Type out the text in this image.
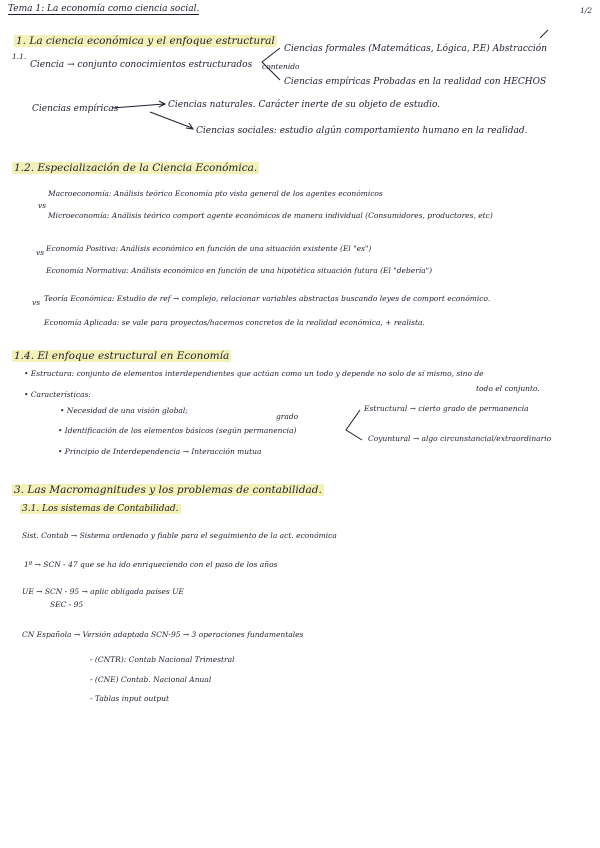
Tema 1: La economía como ciencia social.	1/2
1. La ciencia económica y el enfoque estructural
1.1.
Ciencia → conjunto conocimientos estructurados contenido
Ciencias formales (Matemáticas, Lógica, P.E) Abstracción
Ciencias empíricas Probadas en la realidad con HECHOS
Ciencias empíricas	Ciencias naturales. Carácter inerte de su objeto de estudio.
Ciencias sociales: estudio algún comportamiento humano en la realidad.
1.2. Especialización de la Ciencia Económica.
Macroeconomía: Análisis teórico Economía pto vista general de los agentes económicos
vs
Microeconomía: Análisis teórico comport agente económicos de manera individual (Consumidores, productores, etc)
vs Economía Positiva: Análisis económico en función de una situación existente (El "es")
Economía Normativa: Análisis económico en función de una hipotética situación futura (El "debería")
vs Teoría Económica: Estudio de ref → complejo, relacionar variables abstractas buscando leyes de comport económico.
Economía Aplicada: se vale para proyectos/hacemos concretos de la realidad económica, + realista.
1.4. El enfoque estructural en Economía
• Estructura: conjunto de elementos interdependientes que actúan como un todo y depende no solo de sí mismo, sino de
todo el conjunto.
• Características:
• Necesidad de una visión global;
• Identificación de los elementos básicos (según permanencia)
• Principio de Interdependencia → Interacción mutua
grado
Estructural → cierto grado de permanencia
Coyuntural → algo circunstancial/extraordinario
3. Las Macromagnitudes y los problemas de contabilidad.
3.1. Los sistemas de Contabilidad.
Sist. Contab → Sistema ordenado y fiable para el seguimiento de la act. económica
1º → SCN - 47 que se ha ido enriqueciendo con el paso de los años
UE → SCN - 95 → aplic obligada países UE
SEC - 95
CN Española → Versión adaptada SCN-95 → 3 operaciones fundamentales
- (CNTR): Contab Nacional Trimestral
- (CNE) Contab. Nacional Anual
- Tablas input output
